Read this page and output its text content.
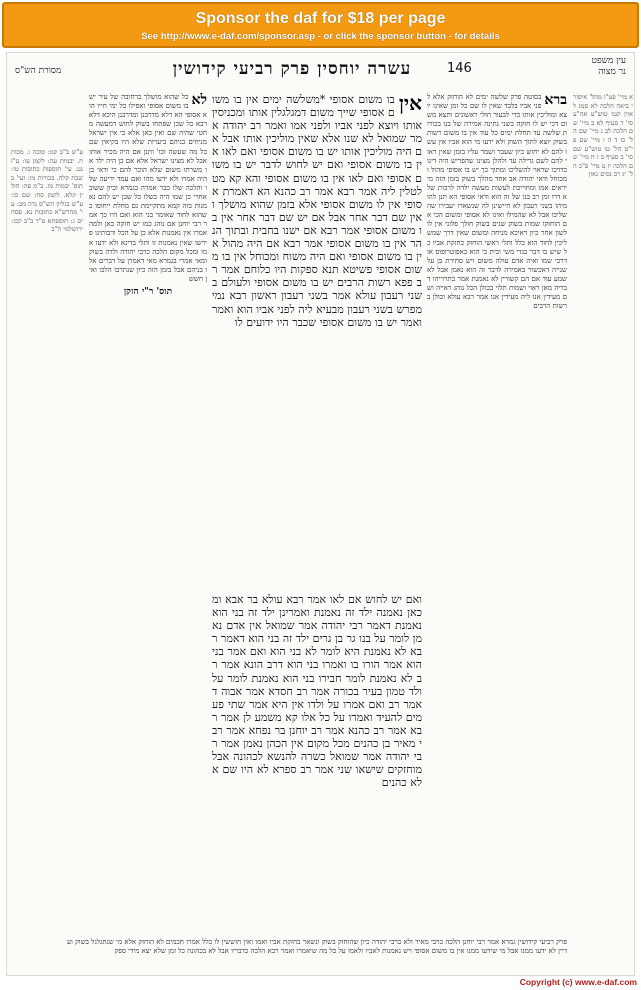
Sponsor the daf for $18 per page
See http://www.e-daf.com/sponsor.asp - or click the sponsor button - for details
עין משפט
נר מצוה
עשרה יוחסין פרק רביעי קידושין	146
מסורת הש"ס
אין
בו משום אסופי *משלשה ימים אין בו משום אסופי שייך משום דמגלגלין אותו ומכניסין אותו ויוצא לפני אביו ולפני אמו ואמר רב יהודה אמר שמואל לא שנו אלא שאין מוליכין אותו אבל אם היה מוליכין אותו יש בו משום אסופי ואם לאו אין בו משום אסופי ואם יש לחוש לדבר יש בו משום אסופי ואם לאו אין בו משום אסופי והא קא מטלטלין ליה אמר רבא אמר רב כהנא הא דאמרת אסופי אין לו משום אסופי אלא בזמן שהוא מושלך ואין שם דבר אחר אבל אם יש שם דבר אחר אין בו משום אסופי אמר רבא אם ישנו בחבית ובתוך הנהר אין בו משום אסופי אמר רבא אם היה מהול אין בו משום אסופי ואם היה משוח ומכוחל אין בו משום אסופי פשיטא תנא ספקות היו כלוחם אמר רב פפא רשות הרבים יש בו משום אסופי ולעולם בשני רעבון עולא אמר בשני רעבון ראשון רבא נמי מפרש בשני רעבון מבעיא ליה לפני אביו הוא ואמר ואמר יש בו משום אסופי שכבר היו ידועים לו
ואם יש לחוש אם לאו אמר רבא עולא בר אבא ומכאן נאמנה ילד זה נאמנת ואמרינן ילד זה בני הוא נאמנת דאמר רבי יהודה אמר שמואל אין אדם נאמן לומר על בנו גר בן גרים ילד זה בני הוא דאמר רבא לא נאמנת היא לומר לא בני הוא ואם אמר בני הוא אמר הורו בו ואמרו בני הוא דרב הונא אמר רב לא נאמנת לומר חבירו בני הוא נאמנת לומר על ולד טמון בעיר בכורה אמר רב חסדא אמר אבוה דאמר רב ואם אמרו על ולדו אין היא אמר שתי פעמים להעיד ואמרו על כל אלו קא משמע לן אמר רבא אמר רב כהנא אמר רב יוחנן בר נפחא אמר רבי מאיר בן כהנים מכל מקום אין הכהן נאמן אמר רבי יהודה אמר שמואל כשרה להנשא לכהונה אבל מוחזקים שישאו שני אמר רב ספרא לא היו שם אלא כהנים
ברא
בסוטה פרק שלשה ימים לא הוחזק אלא לפני אביו בלבד שאין לו שם כל זמן שאינו יוצא ומוליכין אותו כדי לבעור חולי ראשונים ותצא משום דכי יש לו חזקה בשני נתינה אמירה של בנו בכורות שלשה עד תחלת ימים כל עוד אין בו משום רשות בשוק יוצא לתוך השוק ולא ידעו מי הוא אביו אין עשו להם לא יחוש כיון שעבר ושמר עליו בזמן שאין ראוי להם לשם גדילה עד ולהלן מצינו שהפריש היה דינו כדרכו שראוי להשליכו ומתוך כך יש בו אסופי מהול ומכוחל ודאי יהודה אב אחד מהלך בשוק בזמן הזה מייראים אמו ומחוייבת לעשות מעשה ילדה לרבות שלא דרו זמן רב בנו של זה הוא ודאי אסופי הא תנן להו מיהו בשני רעבון לא חיישינן לה שנשארו יעבירו שהשליכו אבל לא שהמילו ואינו לא אסופי ומשום הכי אם הוחזקו שמות בשוק שנים בשוק חולך פלוני אין לו לשון אחר כיון דאיכא מניחה ומשום שאין דרך שמשליכין לחוד הוא כלל ותלי ראשי הוחזק כחזקת אביו כל שיש בו דבר בגדי משי ובית כי הוא כאפוטרופוס או דרכי שמו ואיה אדם עולה משום ויש סתירת בן על שנייה דאכשור באמירה לדבר זה הוא נאמן אבל לא שמע עוד אם הם קשורין לא נאמנת אמר בתרוייהו דבריה מאן ראוי ושמות תלוי בכולן הכל נוהג ראייה ושם מעידין אנו ליה מעידין אנו אמר רבא עולא וכולן ברשות הרבים
לא
כל שהוא מושלך ברחובה של עיר יש בו משום אסופי ואפילו כל ימי חייו הוא אסופי הא דלא מדרבנן ומדרבנן היכא דלא רבא כל שכן שפתחו בשוק לחוש דמעשה מחטי שהיה שם ואין כאן אלא כי אין ישראל מניחים בניהם ביערות שלא היו בקיאין שם כל מה שעשה וכו' ותנן אם היה מכיר אותו אבל לא מצינו ישראל אלא אם כן היה ילד או משרתו משום שלא הוכר להם כי ודאי בן היה אמרו ולא ידעו מהו ואם עמד ידיעה שלו והלכה שלו כבר אמרה בגמרא וכיון ששוב אחרי כן שמו היה כשלו כל שכן יש להם נאמנות בזה קמא מתקיימת גם מחלת ייחוסו כשהוא לחוד שאומר בני הוא ואם היו כך אמר רבי יוחנן אם נוהג כמו יש חזקה כאן ולמה אמרו אין נאמנות אלא כן על הכל ורבותינו פירשו שאין נאמנות זו ותלי בדינא ולא ידעו אמו ומכל מקום הלכה כרבי יהודה ולדה בשוק ומאי אמרי בגמרא מאי דאמרן על דברים אלו בניהם אבל בזמן הזה כיון שנתרבו הלכו ואין חשש
תוס' ר"י הזקן
ע"ש ב"ב קמ: סוכה ו. מכות ח. יבמות עה: לקמן עו: ע"ז נט. עי' תוספות כתובות טו: שבת קלה. בכורות מו: ועי' בתוס' יבמות מז. ב"מ פה: חולין קלא. לקמן סח: שם כו: ע"ש בגליון הש"ס נדה מב: עי' מהרש"א כתובות נא. פסחים ג: תוספתא פ"ד ב"ב קכז: ירושלמי ה"ב
א מיי' פט"ו מהל' איסורי ביאה הלכה לא סמג לאוין קטז טוש"ע אה"ע סי' ד סעיף לא ב מיי' שם הלכה לב ג מיי' שם הל' כו ד ה ו מיי' שם פי"ט הל' טו טוש"ע שם סי' ב סעיף ב ז ח מיי' שם הלכה יז ט מיי' פ"כ הל' יג רב נסים גאון
פרק רביעי קידושין גמרא אמר רבי יוחנן הלכה כרבי מאיר ולא כרבי יהודה כיון שהוחזק בשוק ונשאר בחזקת אביו ואמו ואין חוששין לו כלל אמרו חכמים לא הוחזק אלא מי שנתגלגל בשוק ועדיין לא ידעו ממנו אבל מי שידעו ממנו אין בו משום אסופי ויש נאמנות לאביו ולאמו על כל מה שיאמרו ואמר רבא הלכה כדבריו אבל לא בכהונה כל זמן שלא יצא מידי ספק
Copyright (c) www.e-daf.com
